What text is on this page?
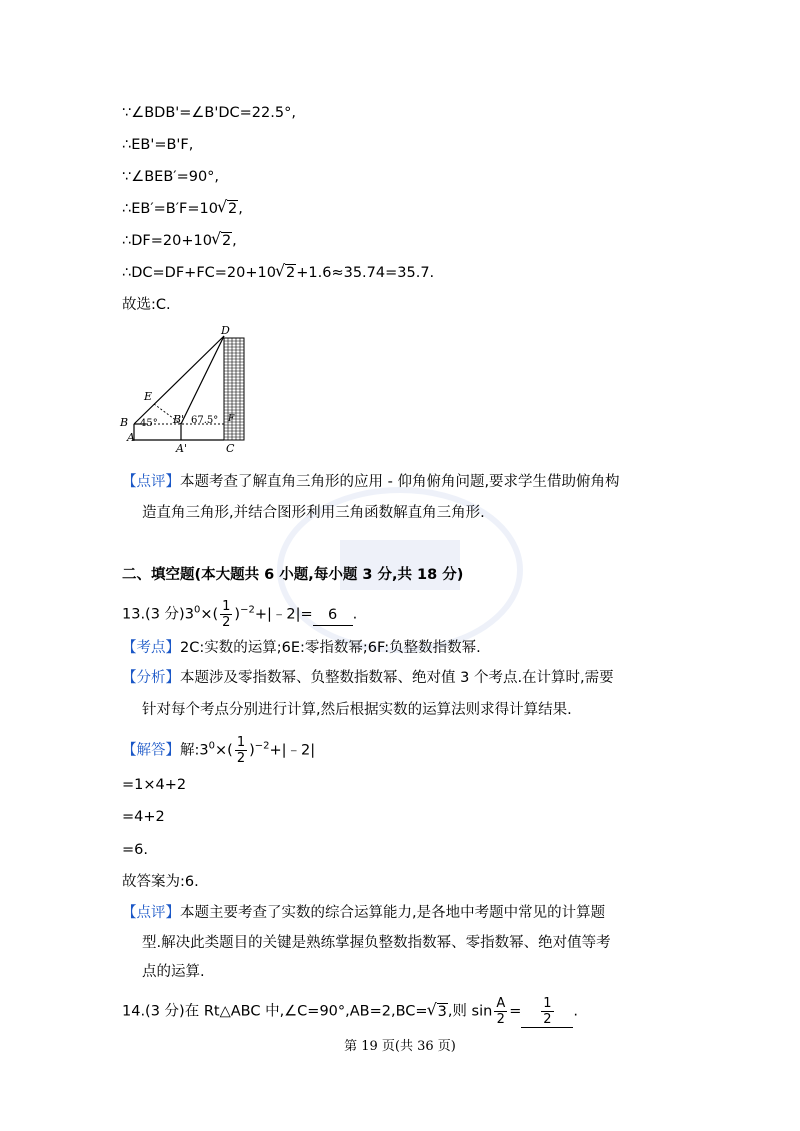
∵∠BDB'=∠B'DC=22.5°,
∴EB'=B'F,
∵∠BEB′=90°,
∴EB′=B′F=10 √ 2,
∴DF=20+10 √ 2,
∴DC=DF+FC=20+10 √ 2+1.6≈35.74=35.7.
故选:C.
D
E
B	B'
A
A'	C
F
45°	67.5°
【点评】本题考查了解直角三角形的应用 - 仰角俯角问题,要求学生借助俯角构
造直角三角形,并结合图形利用三角函数解直角三角形.
二、填空题(本大题共 6 小题,每小题 3 分,共 18 分)
13.(3 分)$3^0\times( \frac{1}{2}$ )$^{-2}+|﹣2|= 6$ .
【考点】2C:实数的运算;6E:零指数幂;6F:负整数指数幂.
【分析】本题涉及零指数幂、负整数指数幂、绝对值 3 个考点.在计算时,需要
针对每个考点分别进行计算,然后根据实数的运算法则求得计算结果.
【解答】解$:3^0\times( \frac{1}{2}$ )$^{-2}$+|﹣2|
=1×4+2
=4+2
=6.
故答案为:6.
【点评】本题主要考查了实数的综合运算能力,是各地中考题中常见的计算题
型.解决此类题目的关键是熟练掌握负整数指数幂、零指数幂、绝对值等考
点的运算.
14.(3 分)在 Rt△ABC 中,∠C=90°,AB=2,BC= √ 3,则 $\sin \frac{A}{2} = \frac{1}{2}$ .
第 19 页(共 36 页)
